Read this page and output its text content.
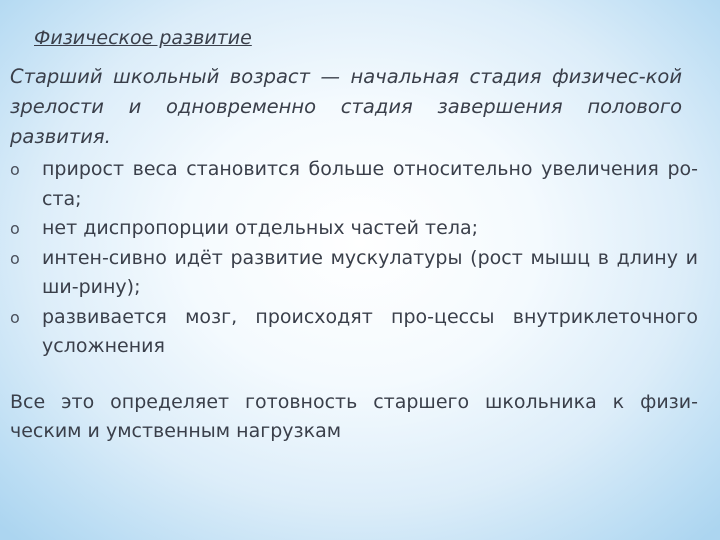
Физическое развитие
Старший школьный возраст — начальная стадия физичес-кой зрелости и одновременно стадия завершения полового развития.
o прирост веса становится больше относительно увеличения ро-ста;
o нет диспропорции отдельных частей тела;
o интен-сивно идёт развитие мускулатуры (рост мышц в длину и ши-рину);
o развивается мозг, происходят про-цессы внутриклеточного усложнения
Все это определяет готовность старшего школьника к физи-ческим и умственным нагрузкам
